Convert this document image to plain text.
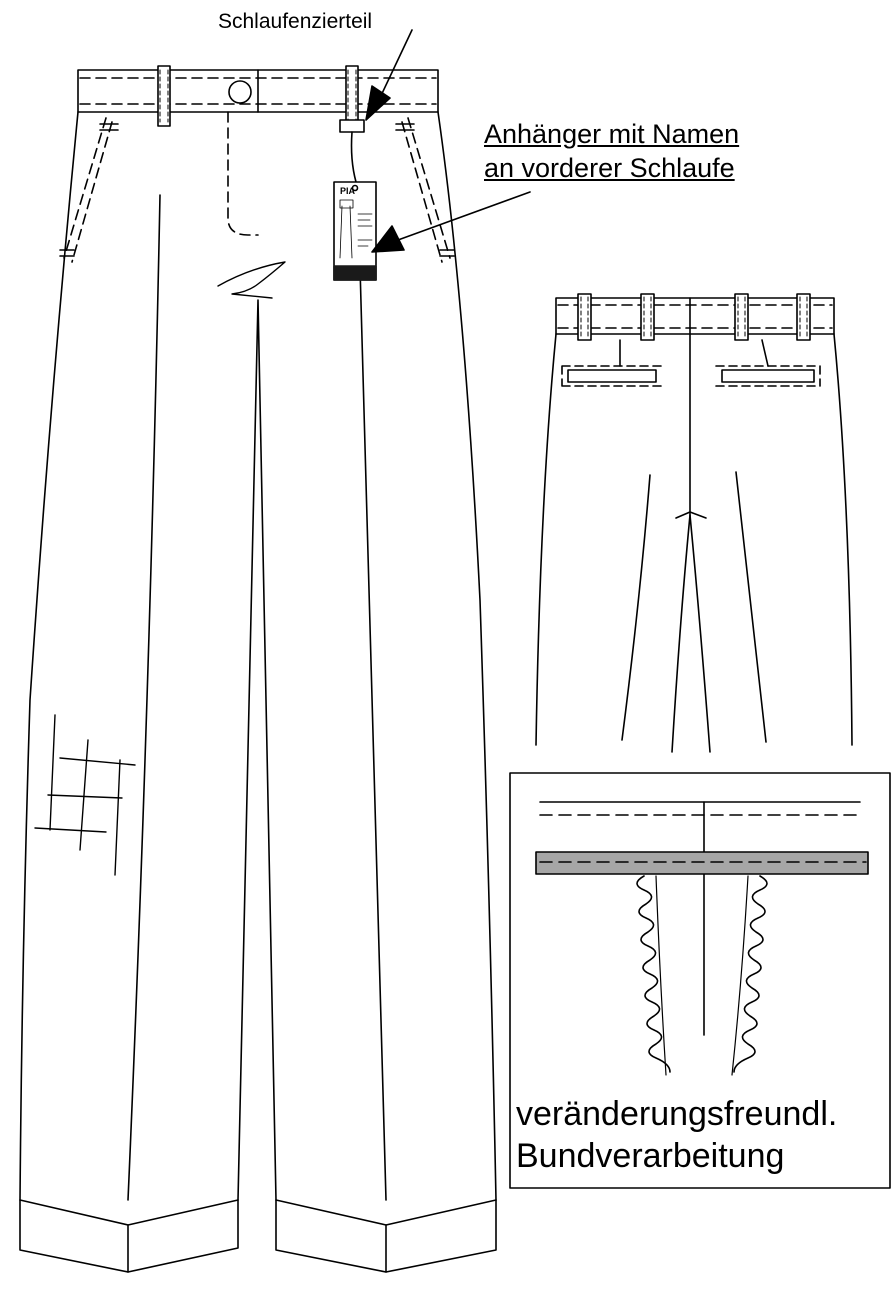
PIA
Schlaufenzierteil
Anhänger mit Namen
an vorderer Schlaufe
veränderungsfreundl.
Bundverarbeitung
